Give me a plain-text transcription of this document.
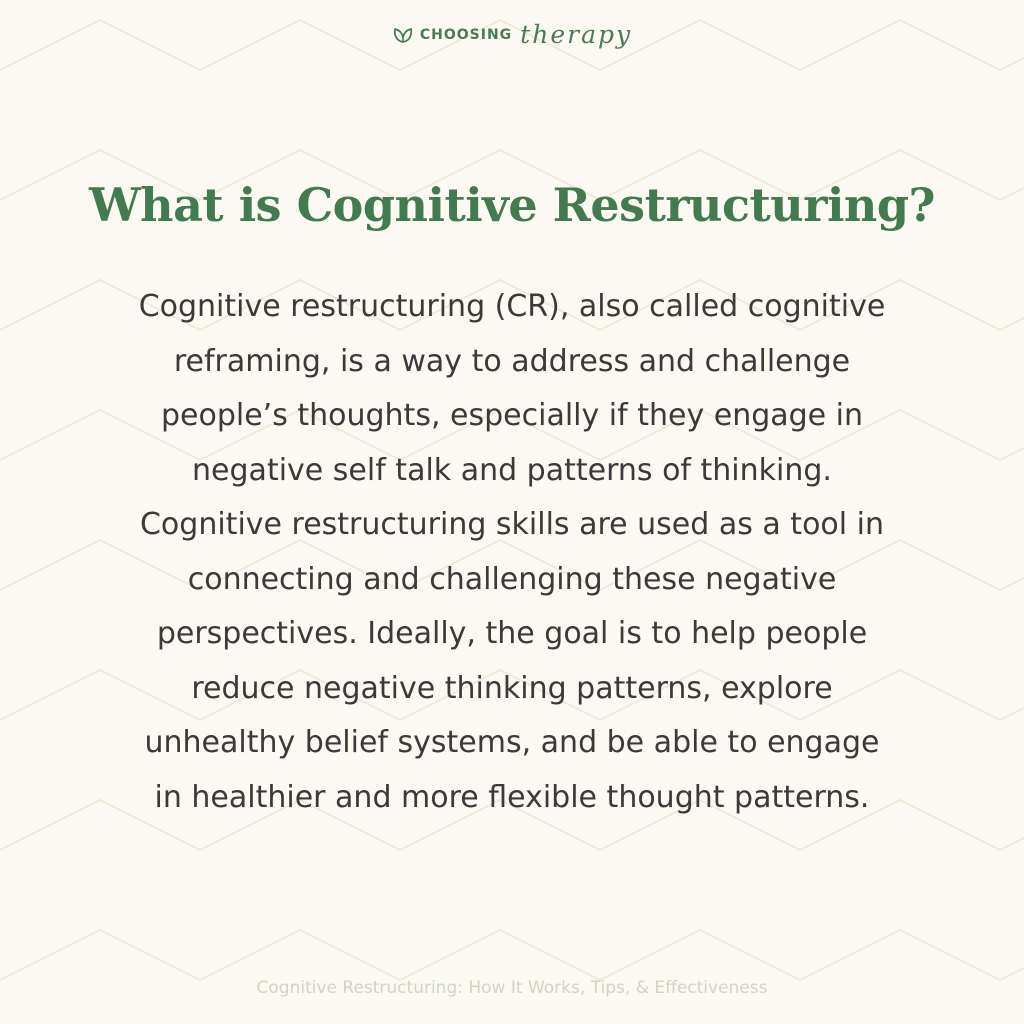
CHOOSING therapy
What is Cognitive Restructuring?

Cognitive restructuring (CR), also called cognitive
reframing, is a way to address and challenge
people’s thoughts, especially if they engage in
negative self talk and patterns of thinking.
Cognitive restructuring skills are used as a tool in
connecting and challenging these negative
perspectives. Ideally, the goal is to help people
reduce negative thinking patterns, explore
unhealthy belief systems, and be able to engage
in healthier and more flexible thought patterns.

Cognitive Restructuring: How It Works, Tips, & Effectiveness
